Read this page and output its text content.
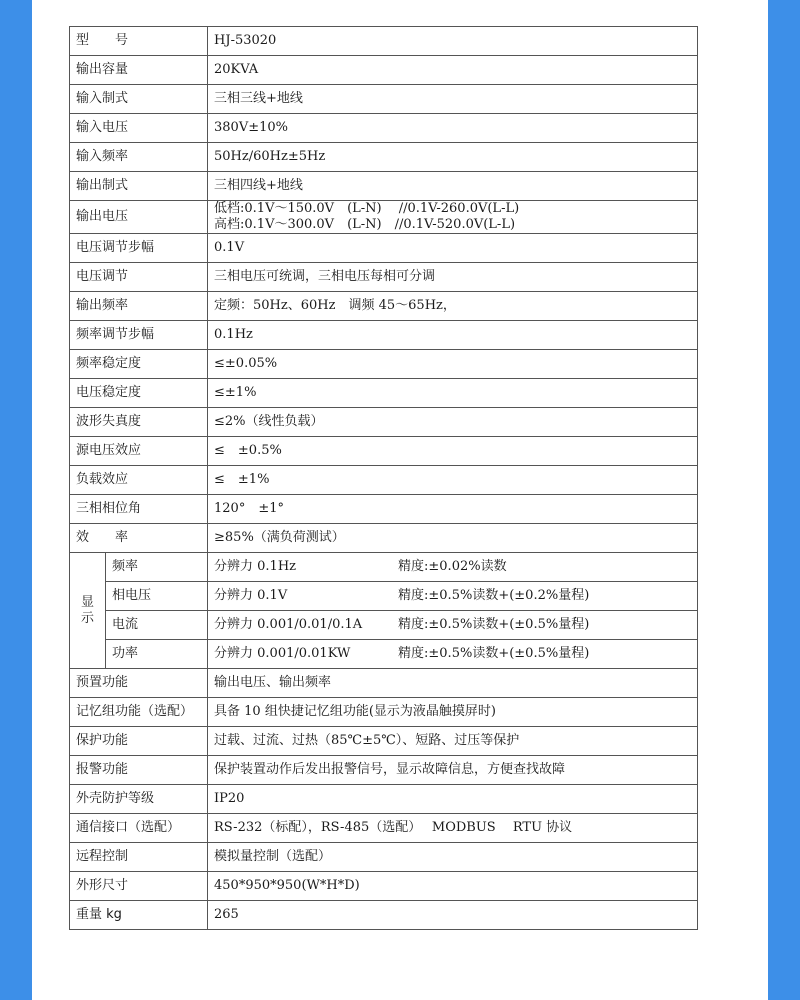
型　　号		HJ-53020
输出容量		20KVA
输入制式		三相三线+地线
输入电压		380V±10%
输入频率		50Hz/60Hz±5Hz
输出制式		三相四线+地线
输出电压		低档:0.1V～150.0V　(L-N)　 //0.1V-260.0V(L-L)
高档:0.1V～300.0V　(L-N)　//0.1V-520.0V(L-L)

电压调节步幅		0.1V
电压调节		三相电压可统调，三相电压每相可分调
输出频率		定频：50Hz、60Hz　调频 45～65Hz，
频率调节步幅		0.1Hz
频率稳定度		≤±0.05%
电压稳定度		≤±1%
波形失真度		≤2%（线性负载）
源电压效应		≤　±0.5%
负载效应		≤　±1%
三相相位角		120°　±1°
效　　率		≥85%（满负荷测试）

显
示	频率	分辨力 0.1Hz 精度:±0.02%读数
	相电压	分辨力 0.1V 精度:±0.5%读数+(±0.2%量程)
	电流	分辨力 0.001/0.01/0.1A 精度:±0.5%读数+(±0.5%量程)
	功率	分辨力 0.001/0.01KW 精度:±0.5%读数+(±0.5%量程)
预置功能		输出电压、输出频率
记忆组功能（选配）		具备 10 组快捷记忆组功能(显示为液晶触摸屏时)
保护功能		过载、过流、过热（85℃±5℃）、短路、过压等保护
报警功能		保护装置动作后发出报警信号，显示故障信息，方便查找故障
外壳防护等级		IP20
通信接口（选配）		RS-232（标配），RS-485（选配）　 MODBUS　 RTU 协议
远程控制		模拟量控制（选配）
外形尺寸		450*950*950(W*H*D)
重量 kg		265
